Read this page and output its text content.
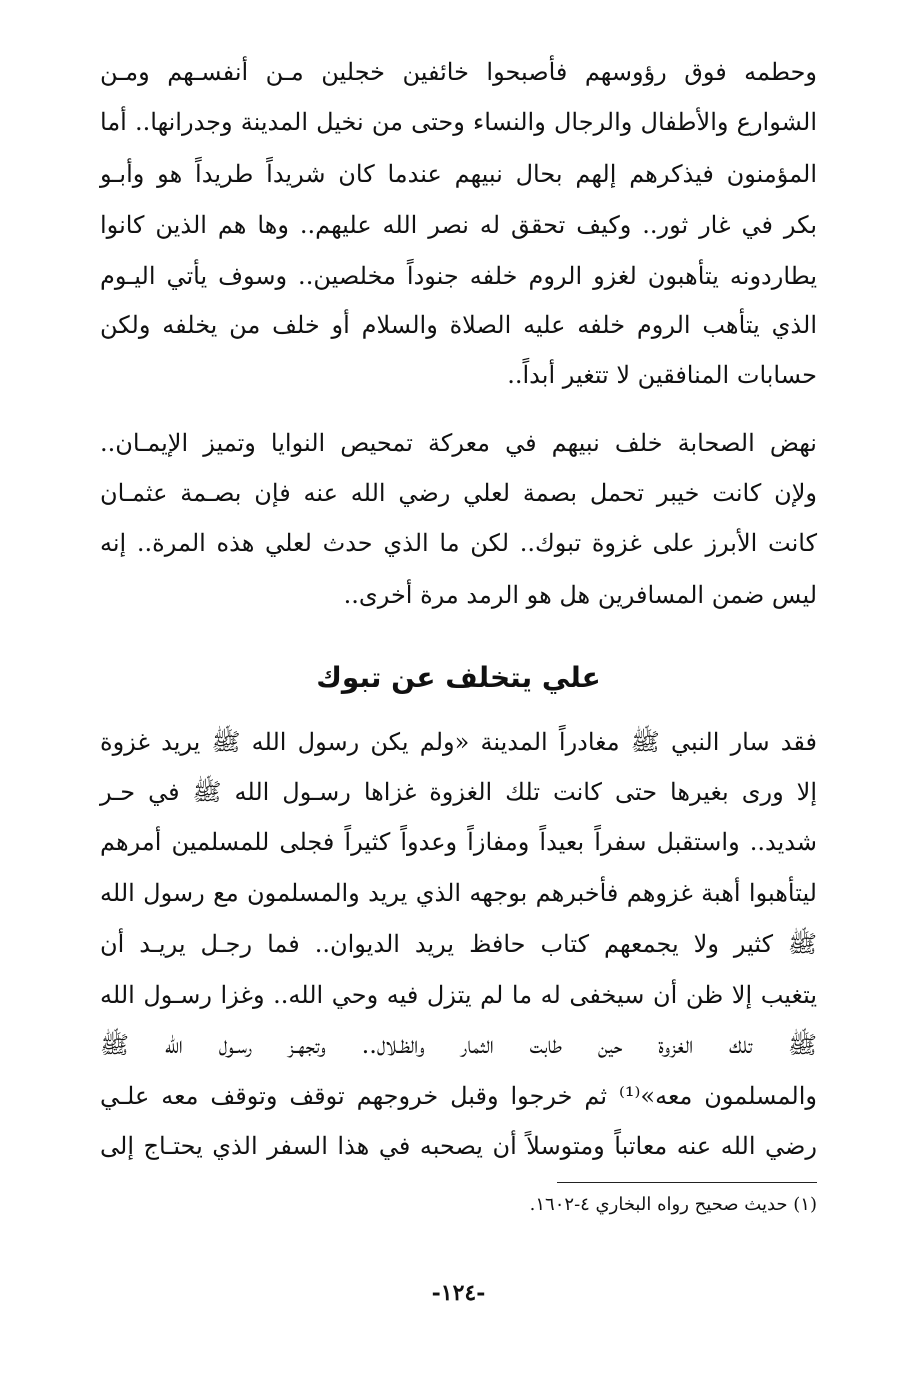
وحطمه فوق رؤوسهم فأصبحوا خائفين خجلين مـن أنفسـهم ومـن
الشوارع والأطفال والرجال والنساء وحتى من نخيل المدينة وجدرانها.. أما
المؤمنون فيذكرهم إلهم بحال نبيهم عندما كان شريداً طريداً هو وأبـو
بكر في غار ثور.. وكيف تحقق له نصر الله عليهم.. وها هم الذين كانوا
يطاردونه يتأهبون لغزو الروم خلفه جنوداً مخلصين.. وسوف يأتي اليـوم
الذي يتأهب الروم خلفه عليه الصلاة والسلام أو خلف من يخلفه ولكن
حسابات المنافقين لا تتغير أبداً..
نهض الصحابة خلف نبيهم في معركة تمحيص النوايا وتميز الإيمـان..
ولإن كانت خيبر تحمل بصمة لعلي رضي الله عنه فإن بصـمة عثمـان
كانت الأبرز على غزوة تبوك.. لكن ما الذي حدث لعلي هذه المرة.. إنه
ليس ضمن المسافرين هل هو الرمد مرة أخرى..
علي يتخلف عن تبوك
فقد سار النبي ﷺ مغادراً المدينة «ولم يكن رسول الله ﷺ يريد غزوة
إلا ورى بغيرها حتى كانت تلك الغزوة غزاها رسـول الله ﷺ في حـر
شديد.. واستقبل سفراً بعيداً ومفازاً وعدواً كثيراً فجلى للمسلمين أمرهم
ليتأهبوا أهبة غزوهم فأخبرهم بوجهه الذي يريد والمسلمون مع رسول الله
ﷺ كثير ولا يجمعهم كتاب حافظ يريد الديوان.. فما رجـل يريـد أن
يتغيب إلا ظن أن سيخفى له ما لم يتزل فيه وحي الله.. وغزا رسـول الله
ﷺ تلك الغزوة حين طابت الثمار والظـلال.. وتجهـز رسـول الله ﷺ
والمسلمون معه»⁽¹⁾ ثم خرجوا وقبل خروجهم توقف وتوقف معه علـي
رضي الله عنه معاتباً ومتوسلاً أن يصحبه في هذا السفر الذي يحتـاج إلى
(١) حديث صحيح رواه البخاري ٤-١٦٠٢.
-١٢٤-
